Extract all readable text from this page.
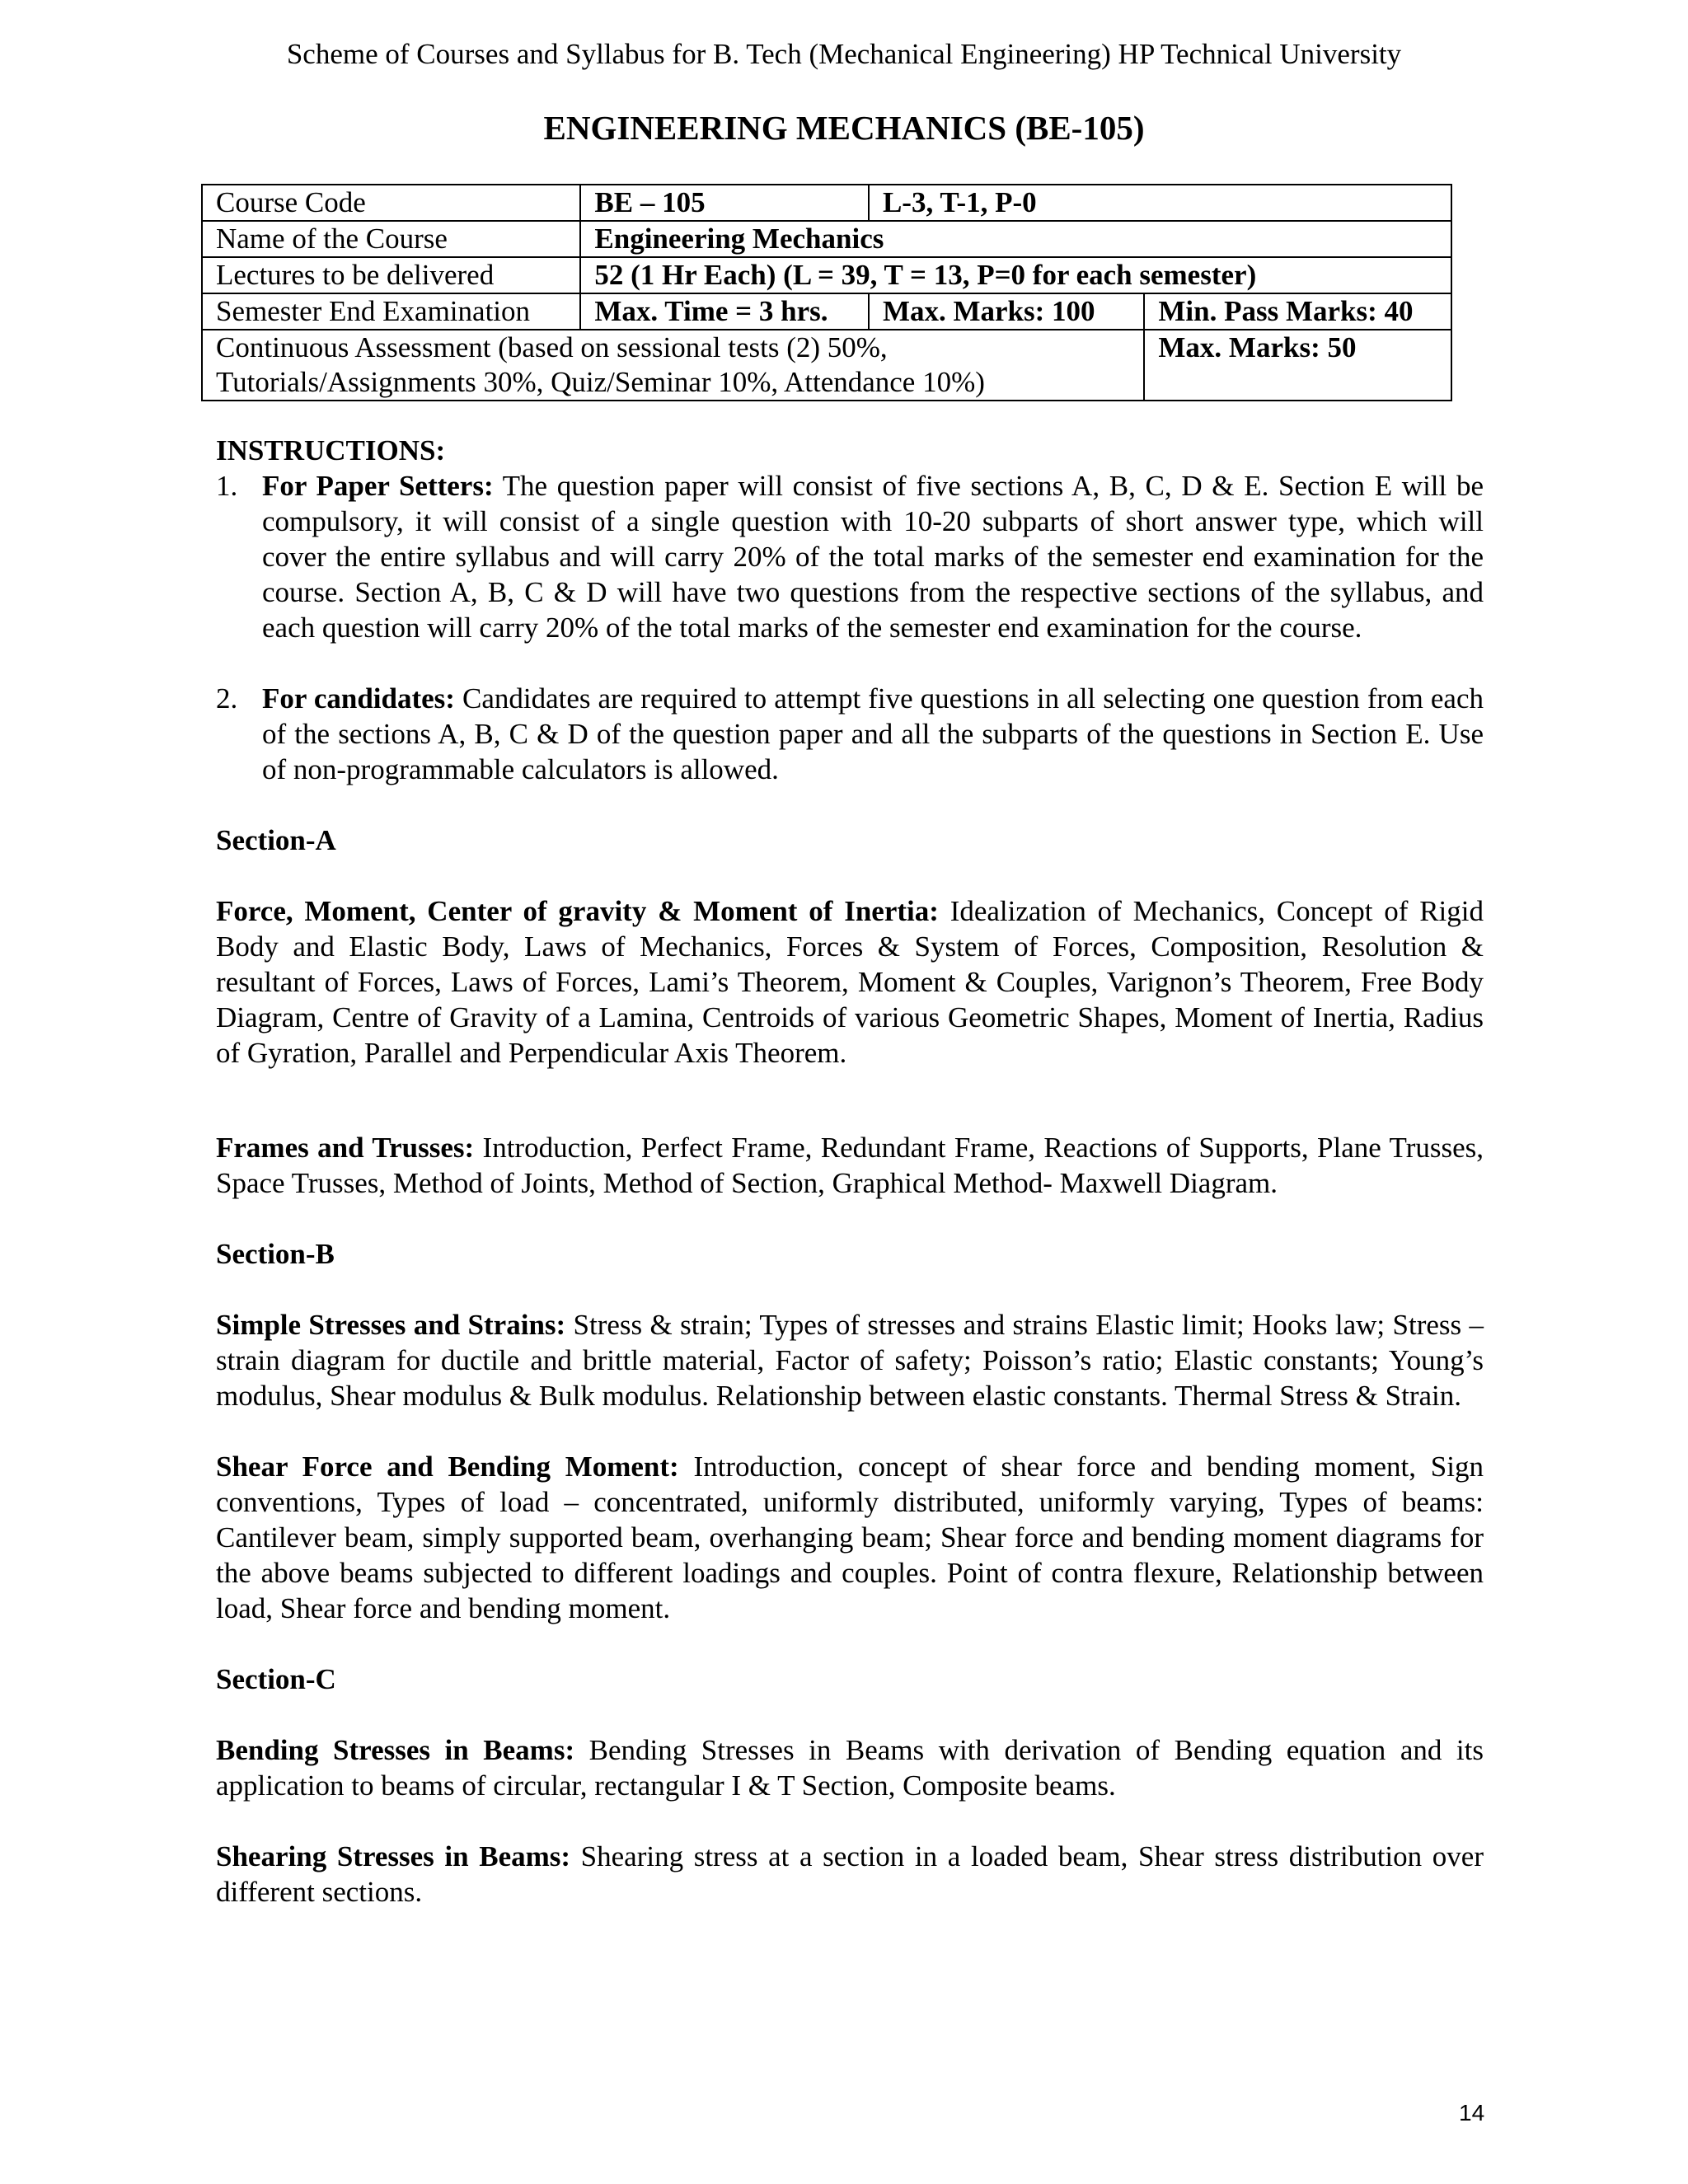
Scheme of Courses and Syllabus for B. Tech (Mechanical Engineering) HP Technical University
ENGINEERING MECHANICS (BE-105)
Course Code	BE – 105	L-3, T-1, P-0	
Name of the Course	Engineering Mechanics		
Lectures to be delivered	52 (1 Hr Each) (L = 39, T = 13, P=0 for each semester)		
Semester End Examination	Max. Time = 3 hrs.	Max. Marks: 100	Min. Pass Marks: 40
Continuous Assessment (based on sessional tests (2) 50%, Tutorials/Assignments 30%, Quiz/Seminar 10%, Attendance 10%)			Max. Marks: 50

INSTRUCTIONS:

1. For Paper Setters: The question paper will consist of five sections A, B, C, D & E. Section E will be compulsory, it will consist of a single question with 10-20 subparts of short answer type, which will cover the entire syllabus and will carry 20% of the total marks of the semester end examination for the course. Section A, B, C & D will have two questions from the respective sections of the syllabus, and each question will carry 20% of the total marks of the semester end examination for the course.
2. For candidates: Candidates are required to attempt five questions in all selecting one question from each of the sections A, B, C & D of the question paper and all the subparts of the questions in Section E. Use of non-programmable calculators is allowed.

Section-A

Force, Moment, Center of gravity & Moment of Inertia: Idealization of Mechanics, Concept of Rigid Body and Elastic Body, Laws of Mechanics, Forces & System of Forces, Composition, Resolution & resultant of Forces, Laws of Forces, Lami’s Theorem, Moment & Couples, Varignon’s Theorem, Free Body Diagram, Centre of Gravity of a Lamina, Centroids of various Geometric Shapes, Moment of Inertia, Radius of Gyration, Parallel and Perpendicular Axis Theorem.

Frames and Trusses: Introduction, Perfect Frame, Redundant Frame, Reactions of Supports, Plane Trusses, Space Trusses, Method of Joints, Method of Section, Graphical Method- Maxwell Diagram.

Section-B

Simple Stresses and Strains: Stress & strain; Types of stresses and strains Elastic limit; Hooks law; Stress – strain diagram for ductile and brittle material, Factor of safety; Poisson’s ratio; Elastic constants; Young’s modulus, Shear modulus & Bulk modulus. Relationship between elastic constants. Thermal Stress & Strain.

Shear Force and Bending Moment: Introduction, concept of shear force and bending moment, Sign conventions, Types of load – concentrated, uniformly distributed, uniformly varying, Types of beams: Cantilever beam, simply supported beam, overhanging beam; Shear force and bending moment diagrams for the above beams subjected to different loadings and couples. Point of contra flexure, Relationship between load, Shear force and bending moment.

Section-C

Bending Stresses in Beams: Bending Stresses in Beams with derivation of Bending equation and its application to beams of circular, rectangular I & T Section, Composite beams.

Shearing Stresses in Beams: Shearing stress at a section in a loaded beam, Shear stress distribution over different sections.

14
